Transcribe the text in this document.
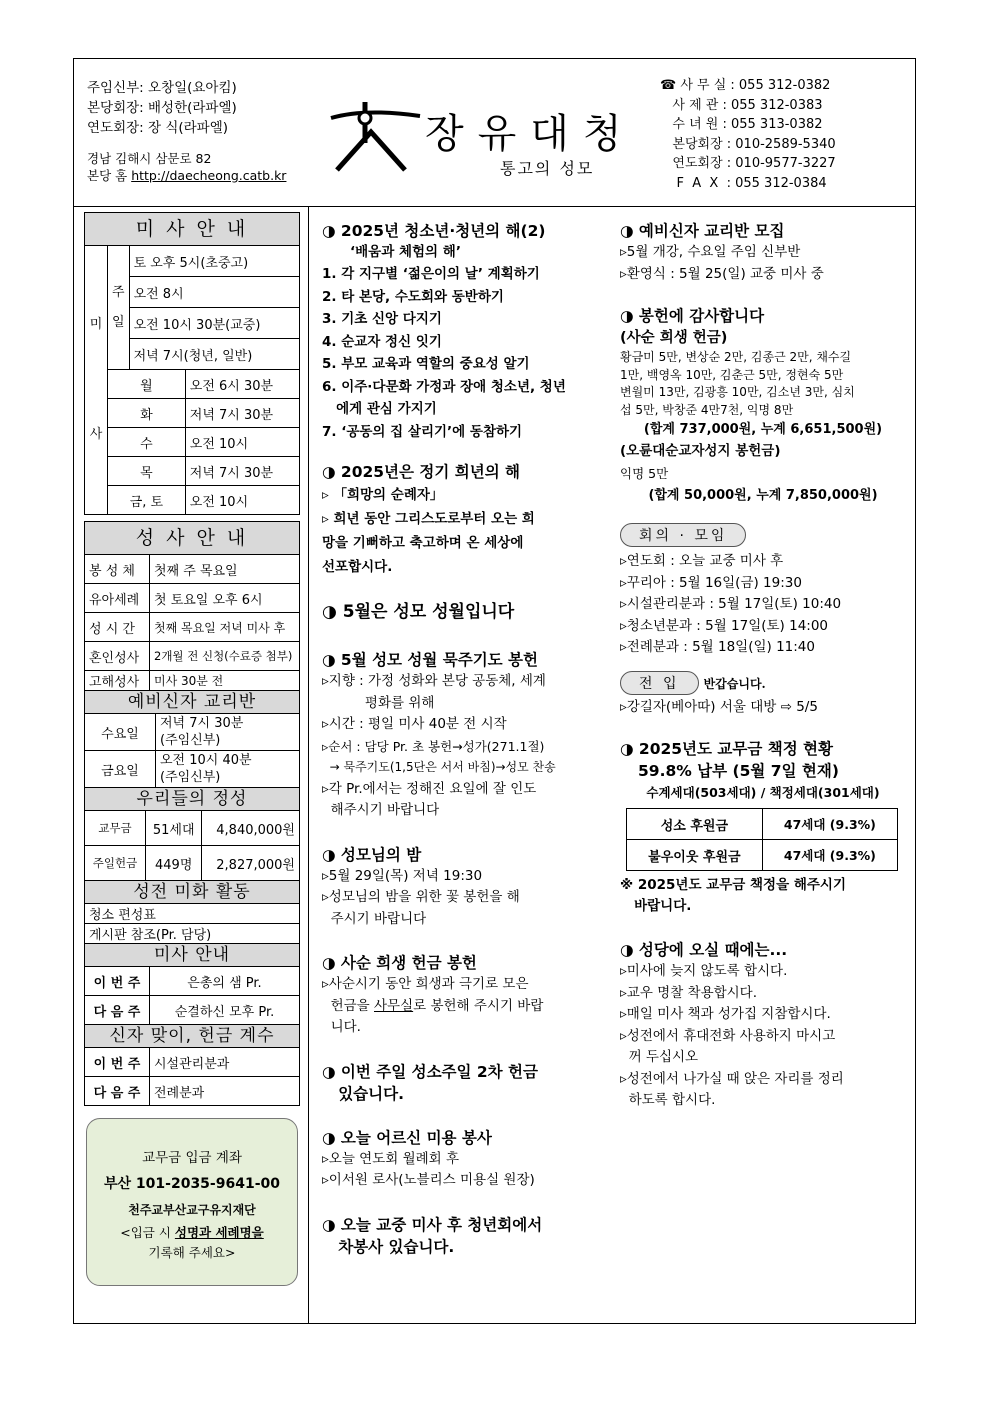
주임신부: 오창일(요아킴)
본당회장: 배성한(라파엘)
연도회장: 장 식(라파엘)
경남 김해시 삼문로 82
본당 홈 http://daecheong.catb.kr
장유대청
통고의 성모
☎ 사 무 실 : 055 312-0382
사 제 관 : 055 312-0383
수 녀 원 : 055 313-0382
본당회장 : 010-2589-5340
연도회장 : 010-9577-3227
F  A  X  : 055 312-0384
미 사 안 내
미
사	주
일	토 오후 5시(초중고)	
		오전 8시	
		오전 10시 30분(교중)	
		저녁 7시(청년, 일반)	
	월		오전 6시 30분
	화		저녁 7시 30분
	수		오전 10시
	목		저녁 7시 30분
	금, 토		오전 10시
성 사 안 내
봉 성 체	첫째 주 목요일
유아세례	첫 토요일 오후 6시
성 시 간	첫째 목요일 저녁 미사 후
혼인성사	2개월 전 신청(수료증 첨부)
고해성사	미사 30분 전
예비신자 교리반
수요일	저녁 7시 30분
(주임신부)
금요일	오전 10시 40분
(주임신부)
우리들의 정성
교무금	51세대	4,840,000원
주일헌금	449명	2,827,000원
성전 미화 활동
청소 편성표
게시판 참조(Pr. 담당)
미사 안내
이 번 주	은총의 샘 Pr.
다 음 주	순결하신 모후 Pr.
신자 맞이, 헌금 계수
이 번 주	시설관리분과
다 음 주	전례분과
교무금 입금 계좌
부산 101-2035-9641-00
천주교부산교구유지재단
<입금 시 성명과 세례명을
기록해 주세요>
◑ 2025년 청소년·청년의 해(2)
‘배움과 체험의 해’
1. 각 지구별 ‘젊은이의 날’ 계획하기
2. 타 본당, 수도회와 동반하기
3. 기초 신앙 다지기
4. 순교자 정신 잇기
5. 부모 교육과 역할의 중요성 알기
6. 이주·다문화 가정과 장애 청소년, 청년
에게 관심 가지기
7. ‘공동의 집 살리기’에 동참하기
◑ 2025년은 정기 희년의 해
▹ 「희망의 순례자」
▹ 희년 동안 그리스도로부터 오는 희
망을 기뻐하고 축고하며 온 세상에
선포합시다.
◑ 5월은 성모 성월입니다
◑ 5월 성모 성월 묵주기도 봉헌
▹지향 : 가정 성화와 본당 공동체, 세계
평화를 위해
▹시간 : 평일 미사 40분 전 시작
▹순서 : 담당 Pr. 초 봉헌→성가(271.1절)
→ 묵주기도(1,5단은 서서 바침)→성모 찬송
▹각 Pr.에서는 정해진 요일에 잘 인도
해주시기 바랍니다
◑ 성모님의 밤
▹5월 29일(목) 저녁 19:30
▹성모님의 밤을 위한 꽃 봉헌을 해
주시기 바랍니다
◑ 사순 희생 헌금 봉헌
▹사순시기 동안 희생과 극기로 모은
헌금을 사무실로 봉헌해 주시기 바랍
니다.
◑ 이번 주일 성소주일 2차 헌금
있습니다.
◑ 오늘 어르신 미용 봉사
▹오늘 연도회 월례회 후
▹이서원 로사(노블리스 미용실 원장)
◑ 오늘 교중 미사 후 청년회에서
차봉사 있습니다.
◑ 예비신자 교리반 모집
▹5월 개강, 수요일 주임 신부반
▹환영식 : 5월 25(일) 교중 미사 중
◑ 봉헌에 감사합니다
(사순 희생 헌금)
황금미 5만, 변상순 2만, 김종근 2만, 채수길
1만, 백영옥 10만, 김춘근 5만, 정현숙 5만
변월미 13만, 김광흥 10만, 김소년 3만, 심치
섭 5만, 박창준 4만7천, 익명 8만
(합계 737,000원, 누계 6,651,500원)
(오륜대순교자성지 봉헌금)
익명 5만
(합계 50,000원, 누계 7,850,000원)
회의 · 모임
▹연도회 : 오늘 교중 미사 후
▹꾸리아 : 5월 16일(금) 19:30
▹시설관리분과 : 5월 17일(토) 10:40
▹청소년분과 : 5월 17일(토) 14:00
▹전례분과 : 5월 18일(일) 11:40
전 입 반갑습니다.
▹강길자(베아따) 서울 대방 ⇨ 5/5
◑ 2025년도 교무금 책정 현황
59.8% 납부 (5월 7일 현재)
수계세대(503세대) / 책정세대(301세대)
성소 후원금	47세대 (9.3%)
불우이웃 후원금	47세대 (9.3%)
※ 2025년도 교무금 책정을 해주시기
바랍니다.
◑ 성당에 오실 때에는...
▹미사에 늦지 않도록 합시다.
▹교우 명찰 착용합시다.
▹매일 미사 책과 성가집 지참합시다.
▹성전에서 휴대전화 사용하지 마시고
꺼 두십시오
▹성전에서 나가실 때 앉은 자리를 정리
하도록 합시다.
